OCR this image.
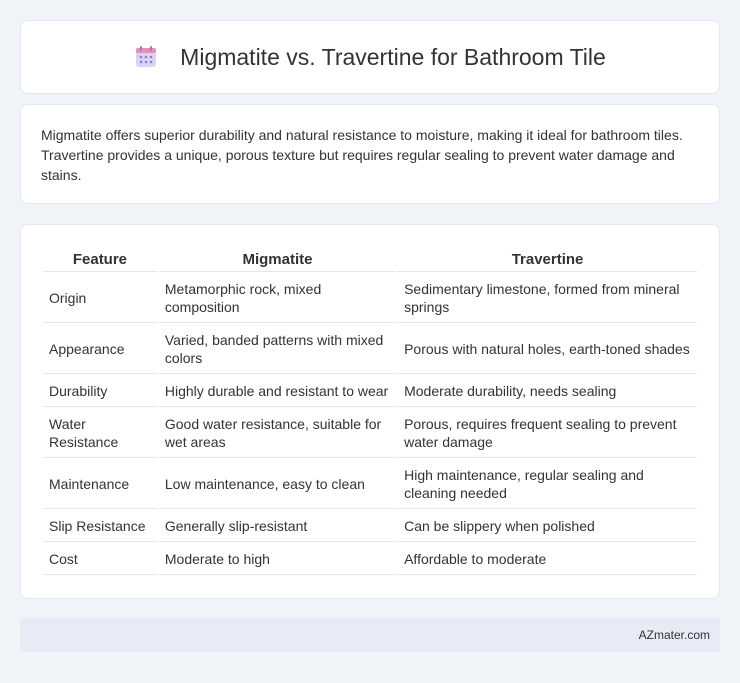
Migmatite vs. Travertine for Bathroom Tile

Migmatite offers superior durability and natural resistance to moisture, making it ideal for bathroom tiles. Travertine provides a unique, porous texture but requires regular sealing to prevent water damage and stains.

Feature	Migmatite	Travertine
Origin	Metamorphic rock, mixed composition	Sedimentary limestone, formed from mineral springs
Appearance	Varied, banded patterns with mixed colors	Porous with natural holes, earth-toned shades
Durability	Highly durable and resistant to wear	Moderate durability, needs sealing
Water Resistance	Good water resistance, suitable for wet areas	Porous, requires frequent sealing to prevent water damage
Maintenance	Low maintenance, easy to clean	High maintenance, regular sealing and cleaning needed
Slip Resistance	Generally slip-resistant	Can be slippery when polished
Cost	Moderate to high	Affordable to moderate
AZmater.com
